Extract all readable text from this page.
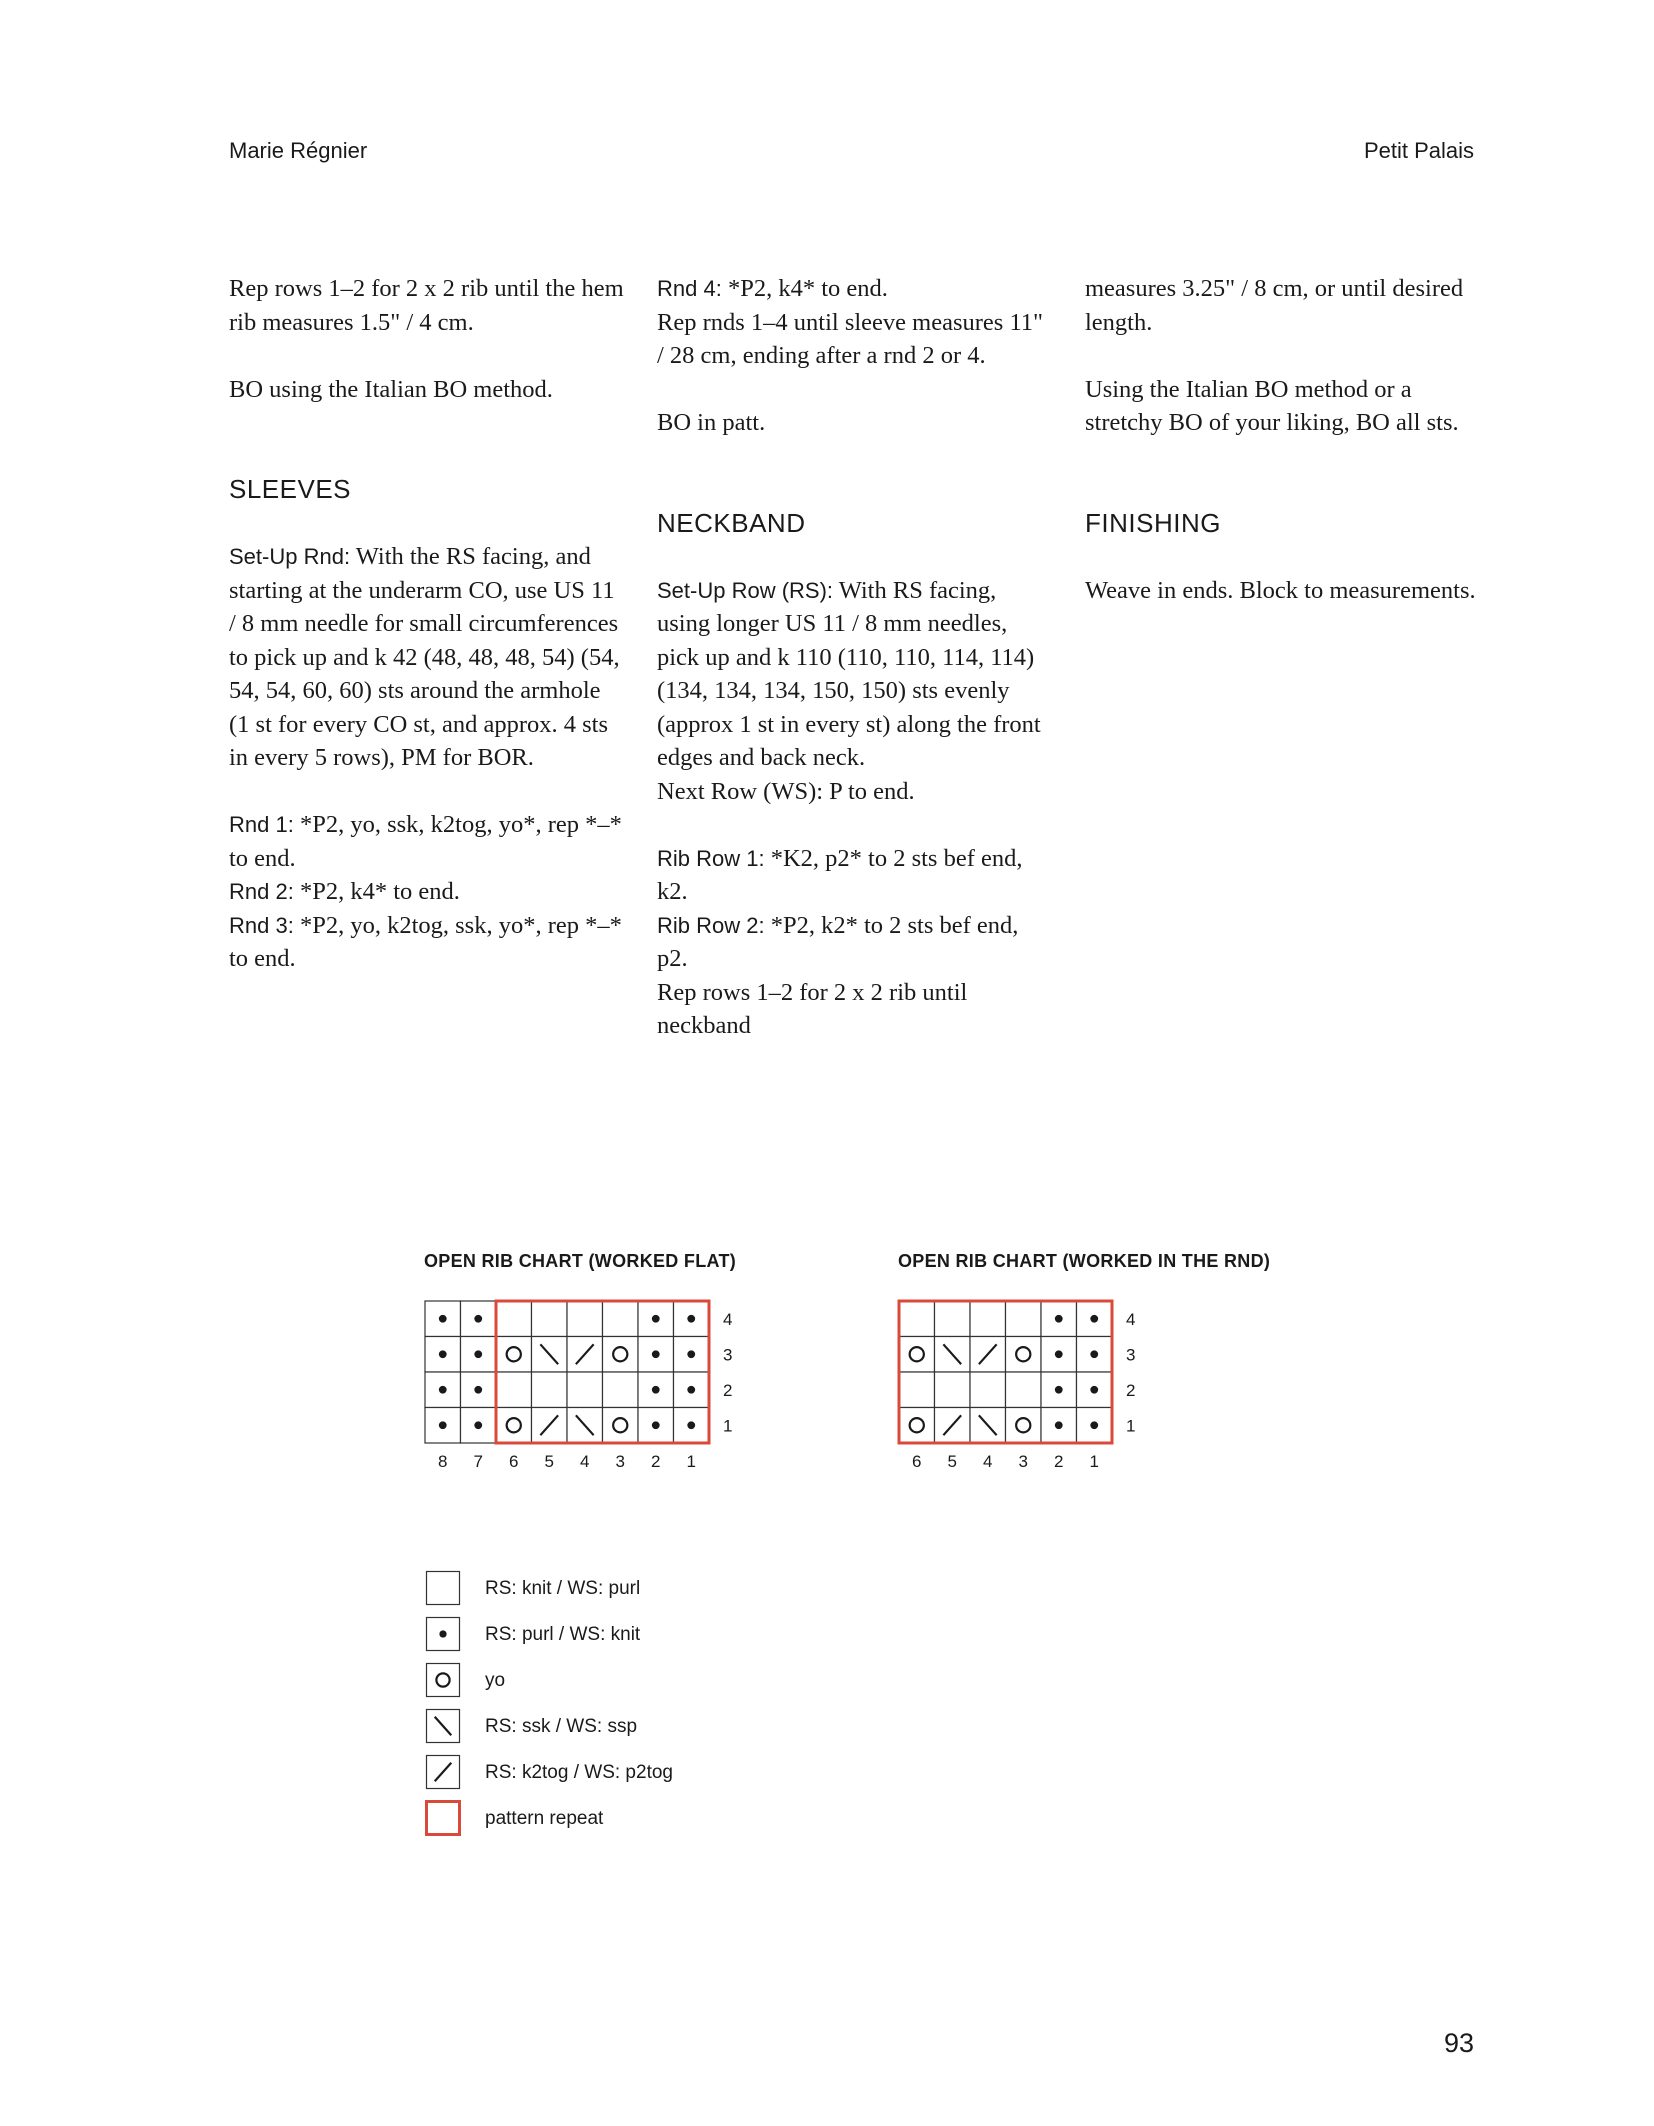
Marie Régnier	Petit Palais

Rep rows 1–2 for 2 x 2 rib until the hem rib measures 1.5" / 4 cm.

BO using the Italian BO method.

SLEEVES

Set-Up Rnd: With the RS facing, and starting at the underarm CO, use US 11 / 8 mm needle for small circumferences to pick up and k 42 (48, 48, 48, 54) (54, 54, 54, 60, 60) sts around the armhole (1 st for every CO st, and approx. 4 sts in every 5 rows), PM for BOR.

Rnd 1: *P2, yo, ssk, k2tog, yo*, rep *–* to end.

Rnd 2: *P2, k4* to end.

Rnd 3: *P2, yo, k2tog, ssk, yo*, rep *–* to end.

Rnd 4: *P2, k4* to end.

Rep rnds 1–4 until sleeve measures 11" / 28 cm, ending after a rnd 2 or 4.

BO in patt.

NECKBAND

Set-Up Row (RS): With RS facing, using longer US 11 / 8 mm needles, pick up and k 110 (110, 110, 114, 114) (134, 134, 134, 150, 150) sts evenly (approx 1 st in every st) along the front edges and back neck.

Next Row (WS): P to end.

Rib Row 1: *K2, p2* to 2 sts bef end, k2.

Rib Row 2: *P2, k2* to 2 sts bef end, p2.

Rep rows 1–2 for 2 x 2 rib until neckband

measures 3.25" / 8 cm, or until desired length.

Using the Italian BO method or a stretchy BO of your liking, BO all sts.

FINISHING

Weave in ends. Block to measurements.

OPEN RIB CHART (WORKED FLAT)
4
3
2
1
8 7 6 5 4 3 2 1
OPEN RIB CHART (WORKED IN THE RND)
4
3
2
1
6 5 4 3 2 1
RS: knit / WS: purl
RS: purl / WS: knit
yo
RS: ssk / WS: ssp
RS: k2tog / WS: p2tog
pattern repeat
93
